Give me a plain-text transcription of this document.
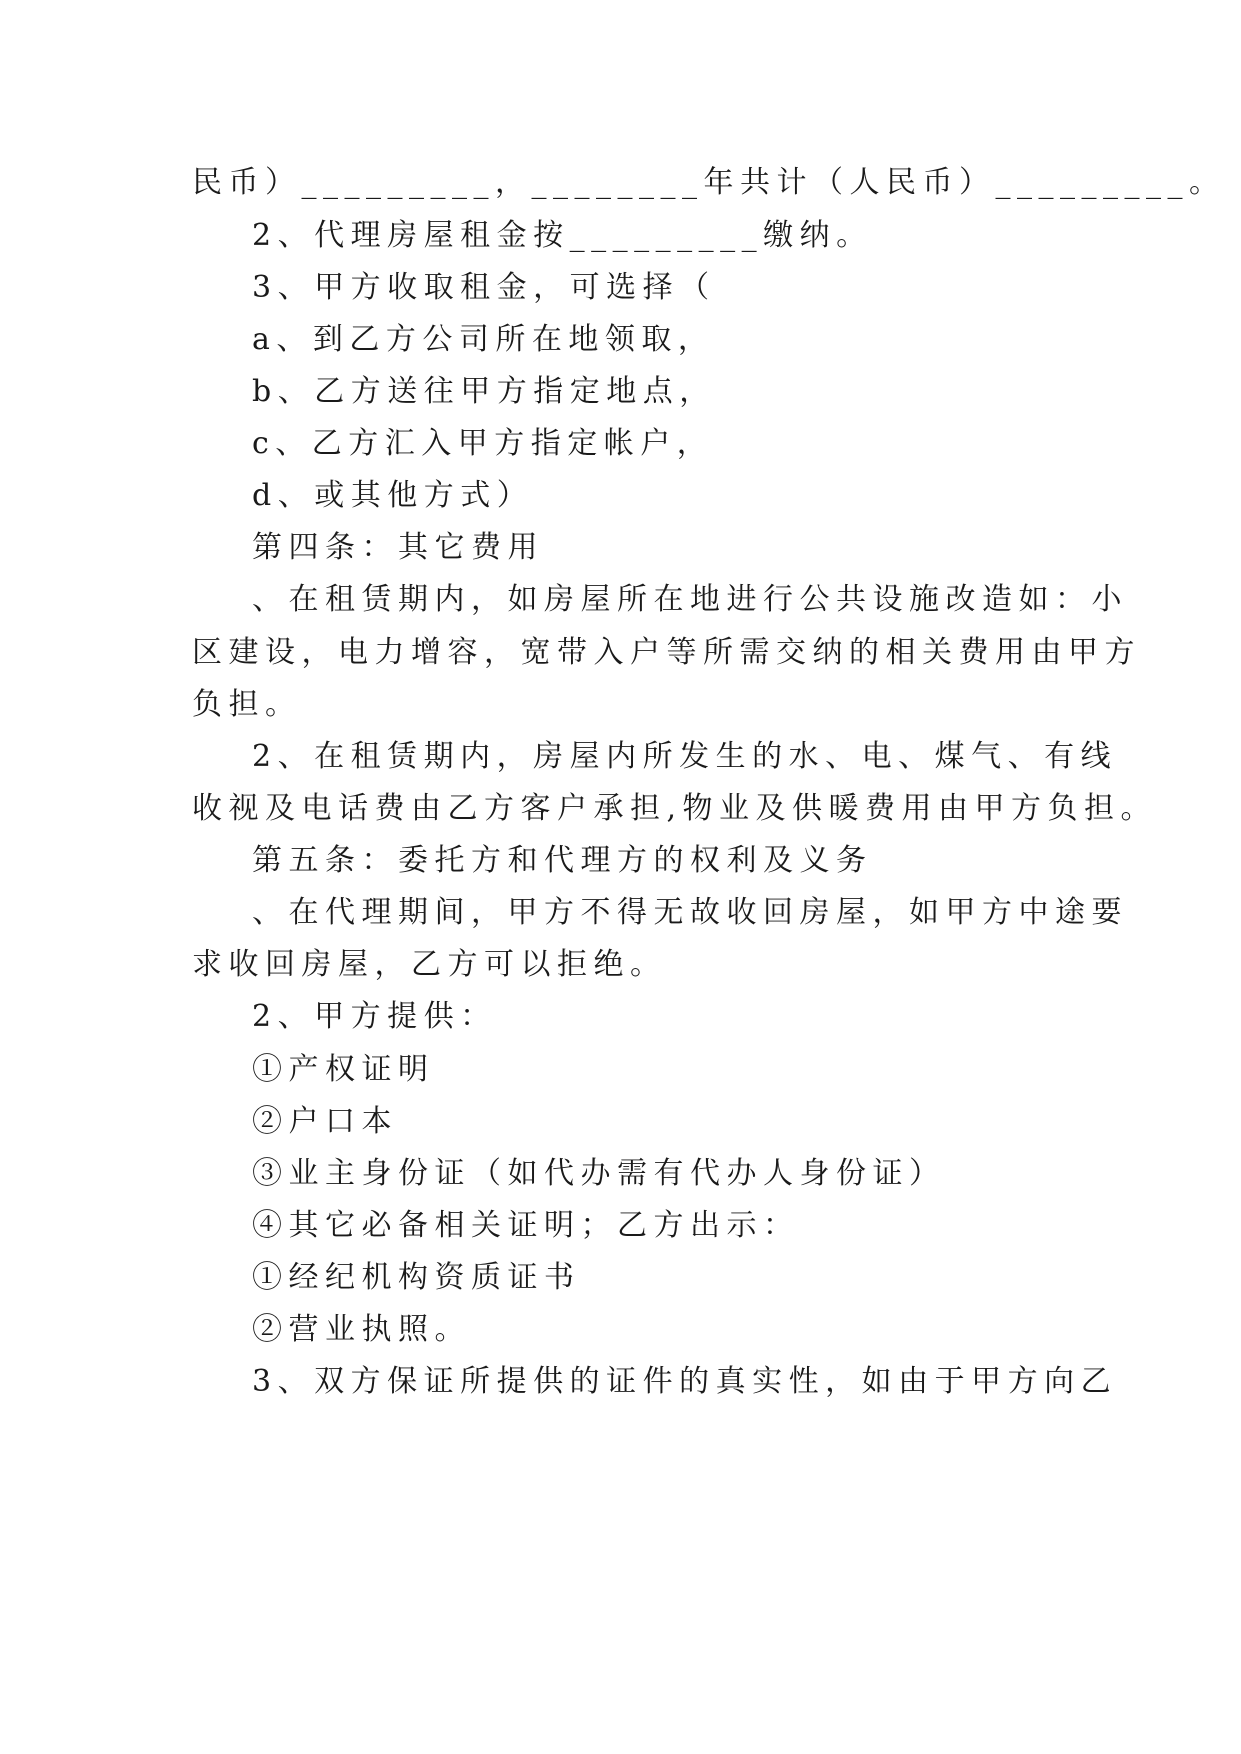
民币）_________，________年共计（人民币）_________。
2、代理房屋租金按_________缴纳。
3、甲方收取租金，可选择（
a、到乙方公司所在地领取，
b、乙方送往甲方指定地点，
c、乙方汇入甲方指定帐户，
d、或其他方式）
第四条：其它费用
、在租赁期内，如房屋所在地进行公共设施改造如：小
区建设，电力增容，宽带入户等所需交纳的相关费用由甲方
负担。
2、在租赁期内，房屋内所发生的水、电、煤气、有线
收视及电话费由乙方客户承担,物业及供暖费用由甲方负担。
第五条：委托方和代理方的权利及义务
、在代理期间，甲方不得无故收回房屋，如甲方中途要
求收回房屋，乙方可以拒绝。
2、甲方提供：
①产权证明
②户口本
③业主身份证（如代办需有代办人身份证）
④其它必备相关证明；乙方出示：
①经纪机构资质证书
②营业执照。
3、双方保证所提供的证件的真实性，如由于甲方向乙
